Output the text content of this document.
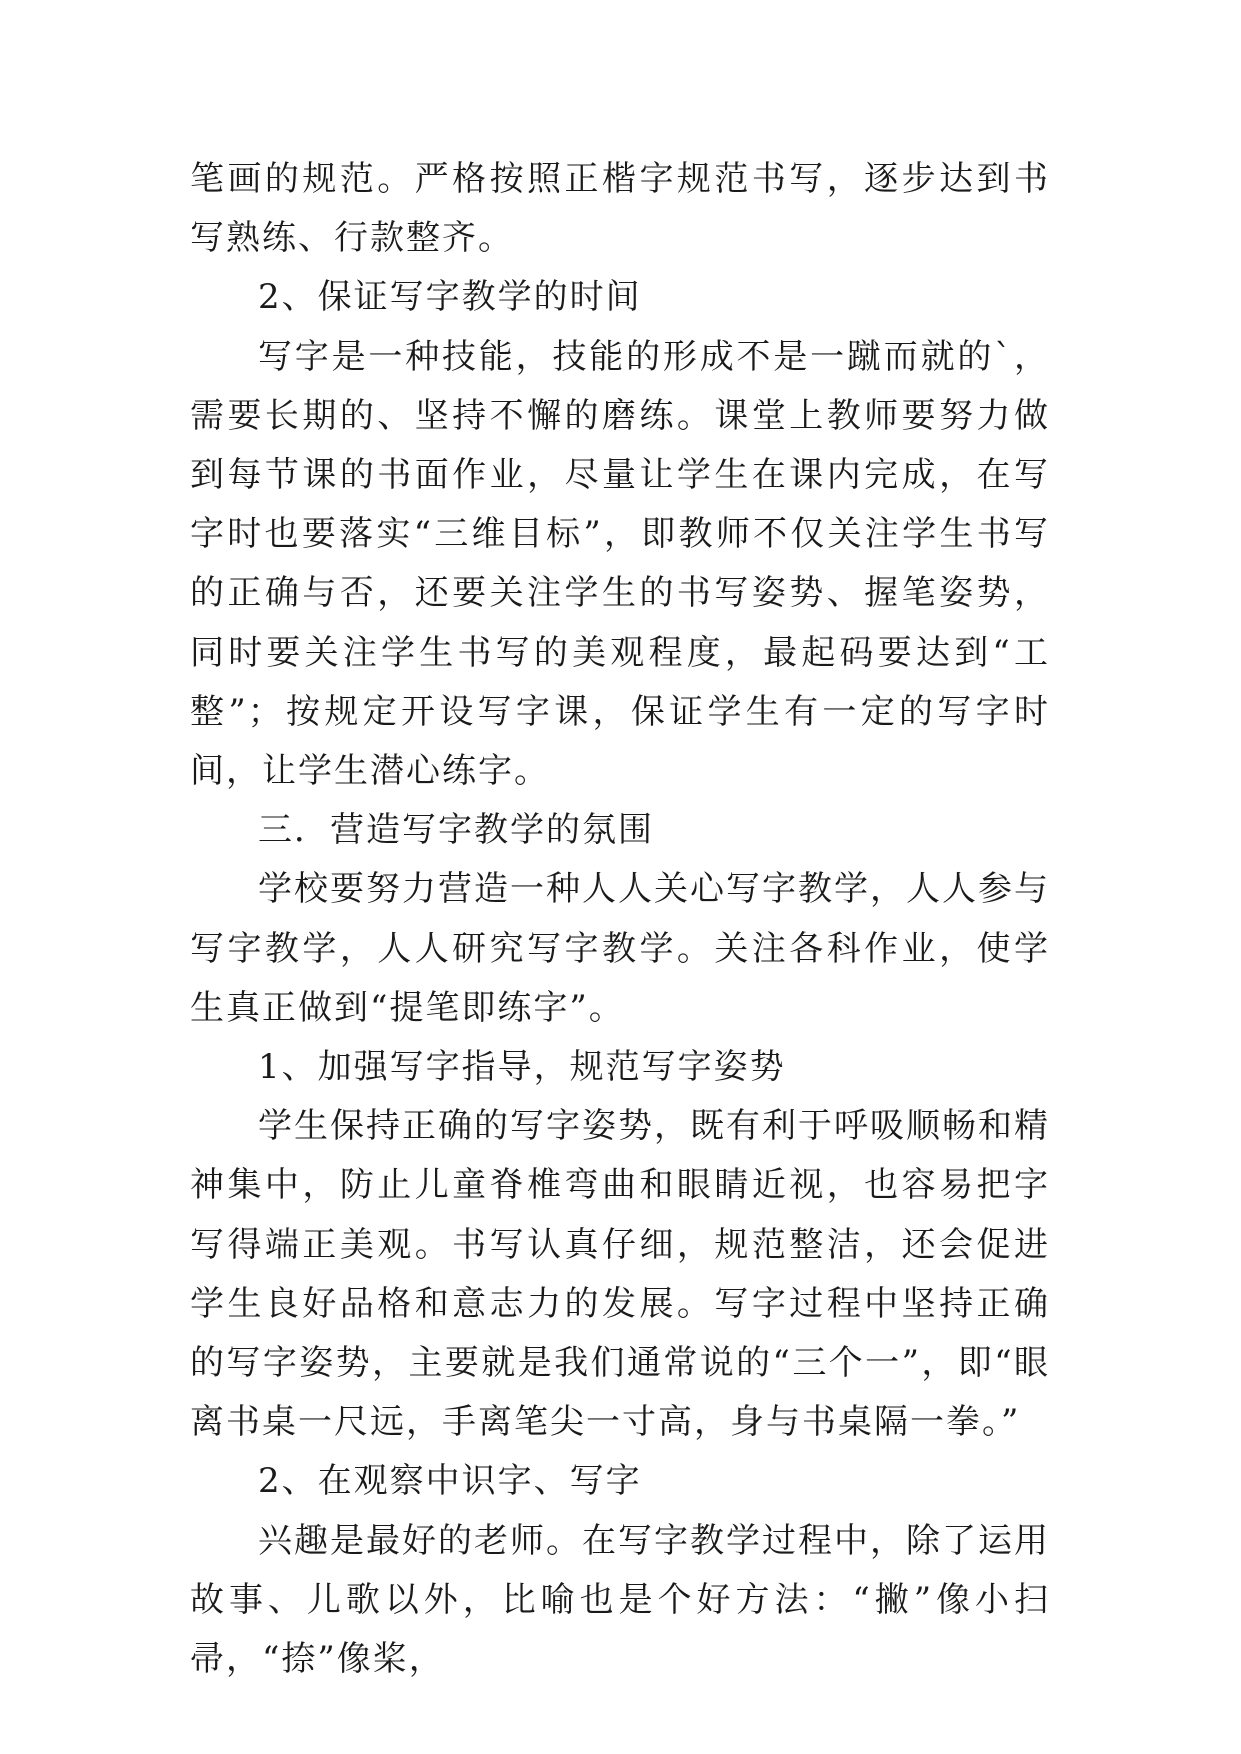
笔画的规范。严格按照正楷字规范书写，逐步达到书写熟练、行款整齐。

2、保证写字教学的时间

写字是一种技能，技能的形成不是一蹴而就的`，需要长期的、坚持不懈的磨练。课堂上教师要努力做到每节课的书面作业，尽量让学生在课内完成，在写字时也要落实“三维目标”，即教师不仅关注学生书写的正确与否，还要关注学生的书写姿势、握笔姿势，同时要关注学生书写的美观程度，最起码要达到“工整”；按规定开设写字课，保证学生有一定的写字时间，让学生潜心练字。

三．营造写字教学的氛围

学校要努力营造一种人人关心写字教学，人人参与写字教学，人人研究写字教学。关注各科作业，使学生真正做到“提笔即练字”。

1、加强写字指导，规范写字姿势

学生保持正确的写字姿势，既有利于呼吸顺畅和精神集中，防止儿童脊椎弯曲和眼睛近视，也容易把字写得端正美观。书写认真仔细，规范整洁，还会促进学生良好品格和意志力的发展。写字过程中坚持正确的写字姿势，主要就是我们通常说的“三个一”，即“眼离书桌一尺远，手离笔尖一寸高，身与书桌隔一拳。”

2、在观察中识字、写字

兴趣是最好的老师。在写字教学过程中，除了运用故事、儿歌以外，比喻也是个好方法：“撇”像小扫帚，“捺”像桨，
